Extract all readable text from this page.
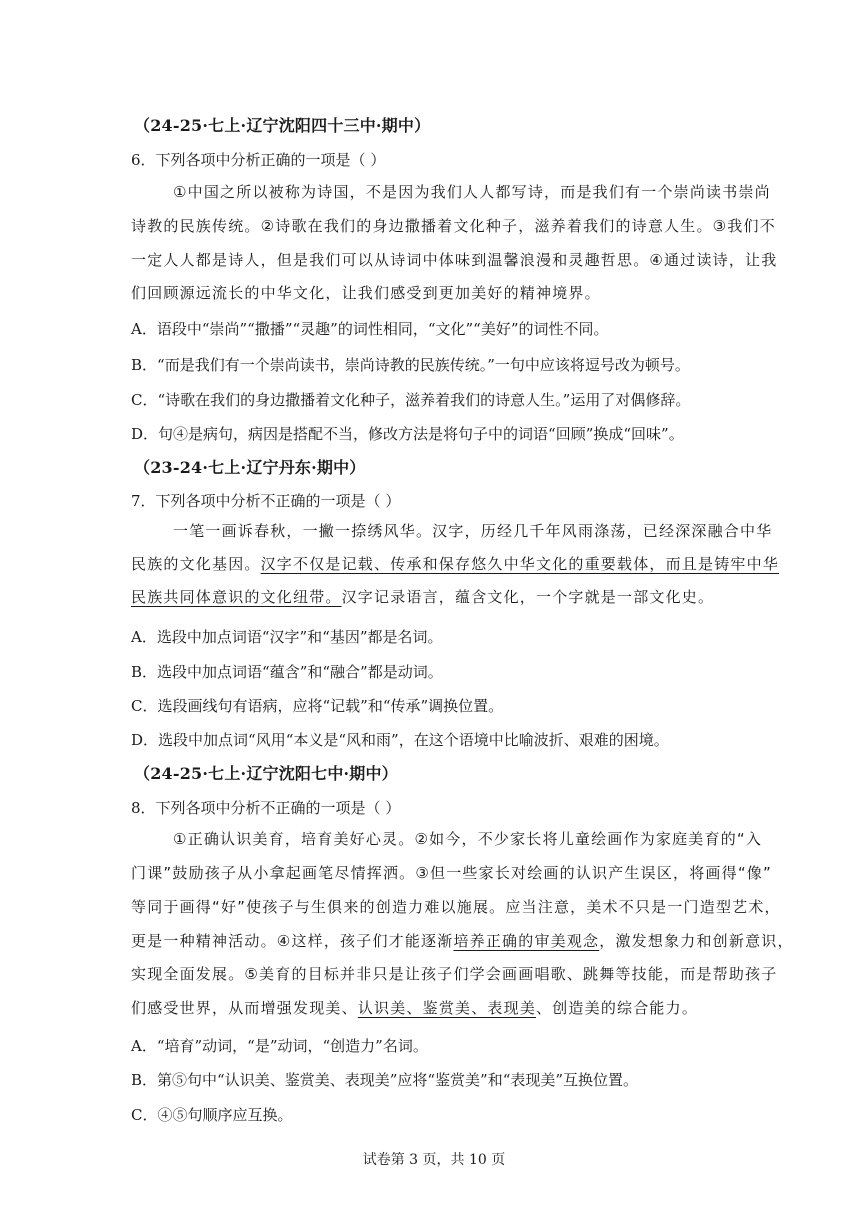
（24-25·七上·辽宁沈阳四十三中·期中）
6．下列各项中分析正确的一项是（ ）
①中国之所以被称为诗国，不是因为我们人人都写诗，而是我们有一个崇尚读书崇尚
诗教的民族传统。②诗歌在我们的身边撒播着文化种子，滋养着我们的诗意人生。③我们不
一定人人都是诗人，但是我们可以从诗词中体味到温馨浪漫和灵趣哲思。④通过读诗，让我
们回顾源远流长的中华文化，让我们感受到更加美好的精神境界。
A．语段中“崇尚”“撒播”“灵趣”的词性相同，“文化”“美好”的词性不同。
B．“而是我们有一个崇尚读书，崇尚诗教的民族传统。”一句中应该将逗号改为顿号。
C．“诗歌在我们的身边撒播着文化种子，滋养着我们的诗意人生。”运用了对偶修辞。
D．句④是病句，病因是搭配不当，修改方法是将句子中的词语“回顾”换成“回味”。
（23-24·七上·辽宁丹东·期中）
7．下列各项中分析不正确的一项是（ ）
一笔一画诉春秋，一撇一捺绣风华。汉字，历经几千年风雨涤荡，已经深深融合中华
民族的文化基因。汉字不仅是记载、传承和保存悠久中华文化的重要载体，而且是铸牢中华
民族共同体意识的文化纽带。汉字记录语言，蕴含文化，一个字就是一部文化史。
A．选段中加点词语“汉字”和“基因”都是名词。
B．选段中加点词语“蕴含”和“融合”都是动词。
C．选段画线句有语病，应将“记载”和“传承”调换位置。
D．选段中加点词“风用“本义是“风和雨”，在这个语境中比喻波折、艰难的困境。
（24-25·七上·辽宁沈阳七中·期中）
8．下列各项中分析不正确的一项是（ ）
①正确认识美育，培育美好心灵。②如今，不少家长将儿童绘画作为家庭美育的“入
门课”鼓励孩子从小拿起画笔尽情挥洒。③但一些家长对绘画的认识产生误区，将画得“像”
等同于画得“好”使孩子与生俱来的创造力难以施展。应当注意，美术不只是一门造型艺术，
更是一种精神活动。④这样，孩子们才能逐渐培养正确的审美观念，激发想象力和创新意识，
实现全面发展。⑤美育的目标并非只是让孩子们学会画画唱歌、跳舞等技能，而是帮助孩子
们感受世界，从而增强发现美、认识美、鉴赏美、表现美、创造美的综合能力。
A．“培育”动词，“是”动词，“创造力”名词。
B．第⑤句中“认识美、鉴赏美、表现美”应将“鉴赏美”和“表现美”互换位置。
C．④⑤句顺序应互换。
试卷第 3 页，共 10 页
